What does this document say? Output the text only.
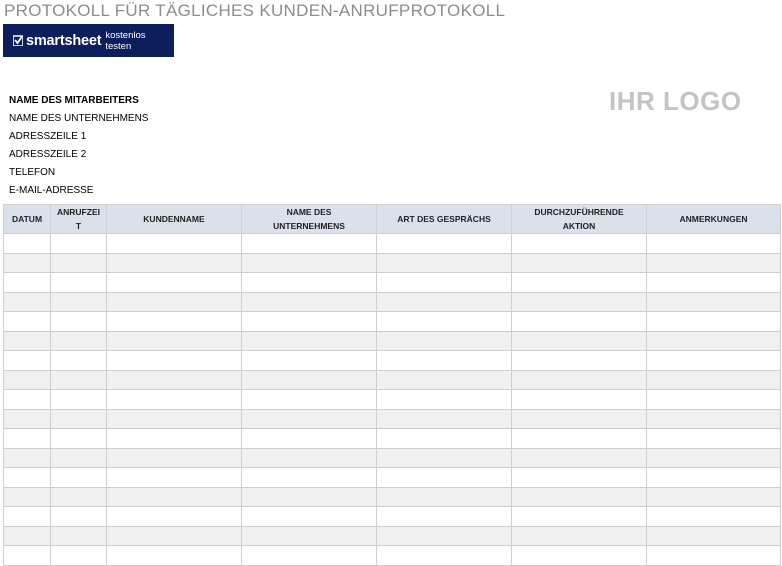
PROTOKOLL FÜR TÄGLICHES KUNDEN-ANRUFPROTOKOLL
smartsheet kostenlos testen
IHR LOGO
NAME DES MITARBEITERS
NAME DES UNTERNEHMENS
ADRESSZEILE 1
ADRESSZEILE 2
TELEFON
E-MAIL-ADRESSE
DATUM	ANRUFZEIT	KUNDENNAME	NAME DES UNTERNEHMENS	ART DES GESPRÄCHS	DURCHZUFÜHRENDE AKTION	ANMERKUNGEN
